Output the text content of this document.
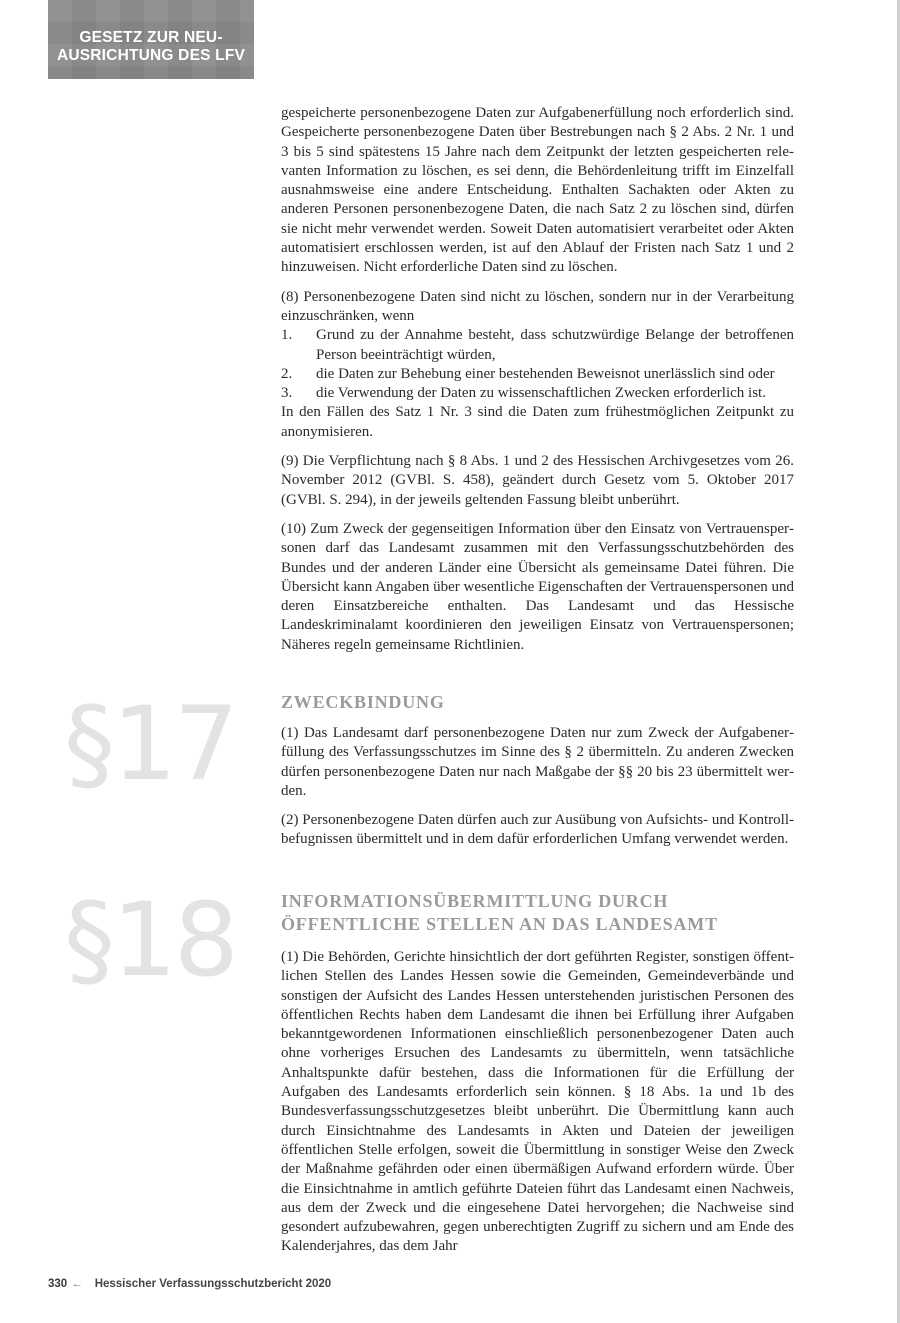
GESETZ ZUR NEU-
AUSRICHTUNG DES LFV

gespeicherte personenbezogene Daten zur Aufgabenerfüllung noch erforderlich sind. Gespeicherte personenbezogene Daten über Bestrebungen nach § 2 Abs. 2 Nr. 1 und 3 bis 5 sind spätestens 15 Jahre nach dem Zeitpunkt der letzten gespeicherten relevanten Information zu löschen, es sei denn, die Behördenleitung trifft im Einzelfall ausnahmsweise eine andere Entscheidung. Enthalten Sachakten oder Akten zu anderen Personen personenbezogene Daten, die nach Satz 2 zu löschen sind, dürfen sie nicht mehr verwendet werden. Soweit Daten automatisiert verarbeitet oder Akten automatisiert erschlossen werden, ist auf den Ablauf der Fristen nach Satz 1 und 2 hinzuweisen. Nicht erforderliche Daten sind zu löschen.

(8) Personenbezogene Daten sind nicht zu löschen, sondern nur in der Verarbeitung einzuschränken, wenn

1.	Grund zu der Annahme besteht, dass schutzwürdige Belange der betroffenen Person beeinträchtigt würden,
2.	die Daten zur Behebung einer bestehenden Beweisnot unerlässlich sind oder
3.	die Verwendung der Daten zu wissenschaftlichen Zwecken erforderlich ist.

In den Fällen des Satz 1 Nr. 3 sind die Daten zum frühestmöglichen Zeitpunkt zu anonymisieren.

(9) Die Verpflichtung nach § 8 Abs. 1 und 2 des Hessischen Archivgesetzes vom 26. November 2012 (GVBl. S. 458), geändert durch Gesetz vom 5. Oktober 2017 (GVBl. S. 294), in der jeweils geltenden Fassung bleibt unberührt.

(10) Zum Zweck der gegenseitigen Information über den Einsatz von Vertrauenspersonen darf das Landesamt zusammen mit den Verfassungsschutzbehörden des Bundes und der anderen Länder eine Übersicht als gemeinsame Datei führen. Die Übersicht kann Angaben über wesentliche Eigenschaften der Vertrauenspersonen und deren Einsatzbereiche enthalten. Das Landesamt und das Hessische Landeskriminalamt koordinieren den jeweiligen Einsatz von Vertrauenspersonen; Näheres regeln gemeinsame Richtlinien.

§17	ZWECKBINDUNG

(1) Das Landesamt darf personenbezogene Daten nur zum Zweck der Aufgabenerfüllung des Verfassungsschutzes im Sinne des § 2 übermitteln. Zu anderen Zwecken dürfen personenbezogene Daten nur nach Maßgabe der §§ 20 bis 23 übermittelt werden.

(2) Personenbezogene Daten dürfen auch zur Ausübung von Aufsichts- und Kontrollbefugnissen übermittelt und in dem dafür erforderlichen Umfang verwendet werden.

§18	INFORMATIONSÜBERMITTLUNG DURCH
ÖFFENTLICHE STELLEN AN DAS LANDESAMT

(1) Die Behörden, Gerichte hinsichtlich der dort geführten Register, sonstigen öffentlichen Stellen des Landes Hessen sowie die Gemeinden, Gemeindeverbände und sonstigen der Aufsicht des Landes Hessen unterstehenden juristischen Personen des öffentlichen Rechts haben dem Landesamt die ihnen bei Erfüllung ihrer Aufgaben bekanntgewordenen Informationen einschließlich personenbezogener Daten auch ohne vorheriges Ersuchen des Landesamts zu übermitteln, wenn tatsächliche Anhaltspunkte dafür bestehen, dass die Informationen für die Erfüllung der Aufgaben des Landesamts erforderlich sein können. § 18 Abs. 1a und 1b des Bundesverfassungsschutzgesetzes bleibt unberührt. Die Übermittlung kann auch durch Einsichtnahme des Landesamts in Akten und Dateien der jeweiligen öffentlichen Stelle erfolgen, soweit die Übermittlung in sonstiger Weise den Zweck der Maßnahme gefährden oder einen übermäßigen Aufwand erfordern würde. Über die Einsichtnahme in amtlich geführte Dateien führt das Landesamt einen Nachweis, aus dem der Zweck und die eingesehene Datei hervorgehen; die Nachweise sind gesondert aufzubewahren, gegen unberechtigten Zugriff zu sichern und am Ende des Kalenderjahres, das dem Jahr

330 ← Hessischer Verfassungsschutzbericht 2020
